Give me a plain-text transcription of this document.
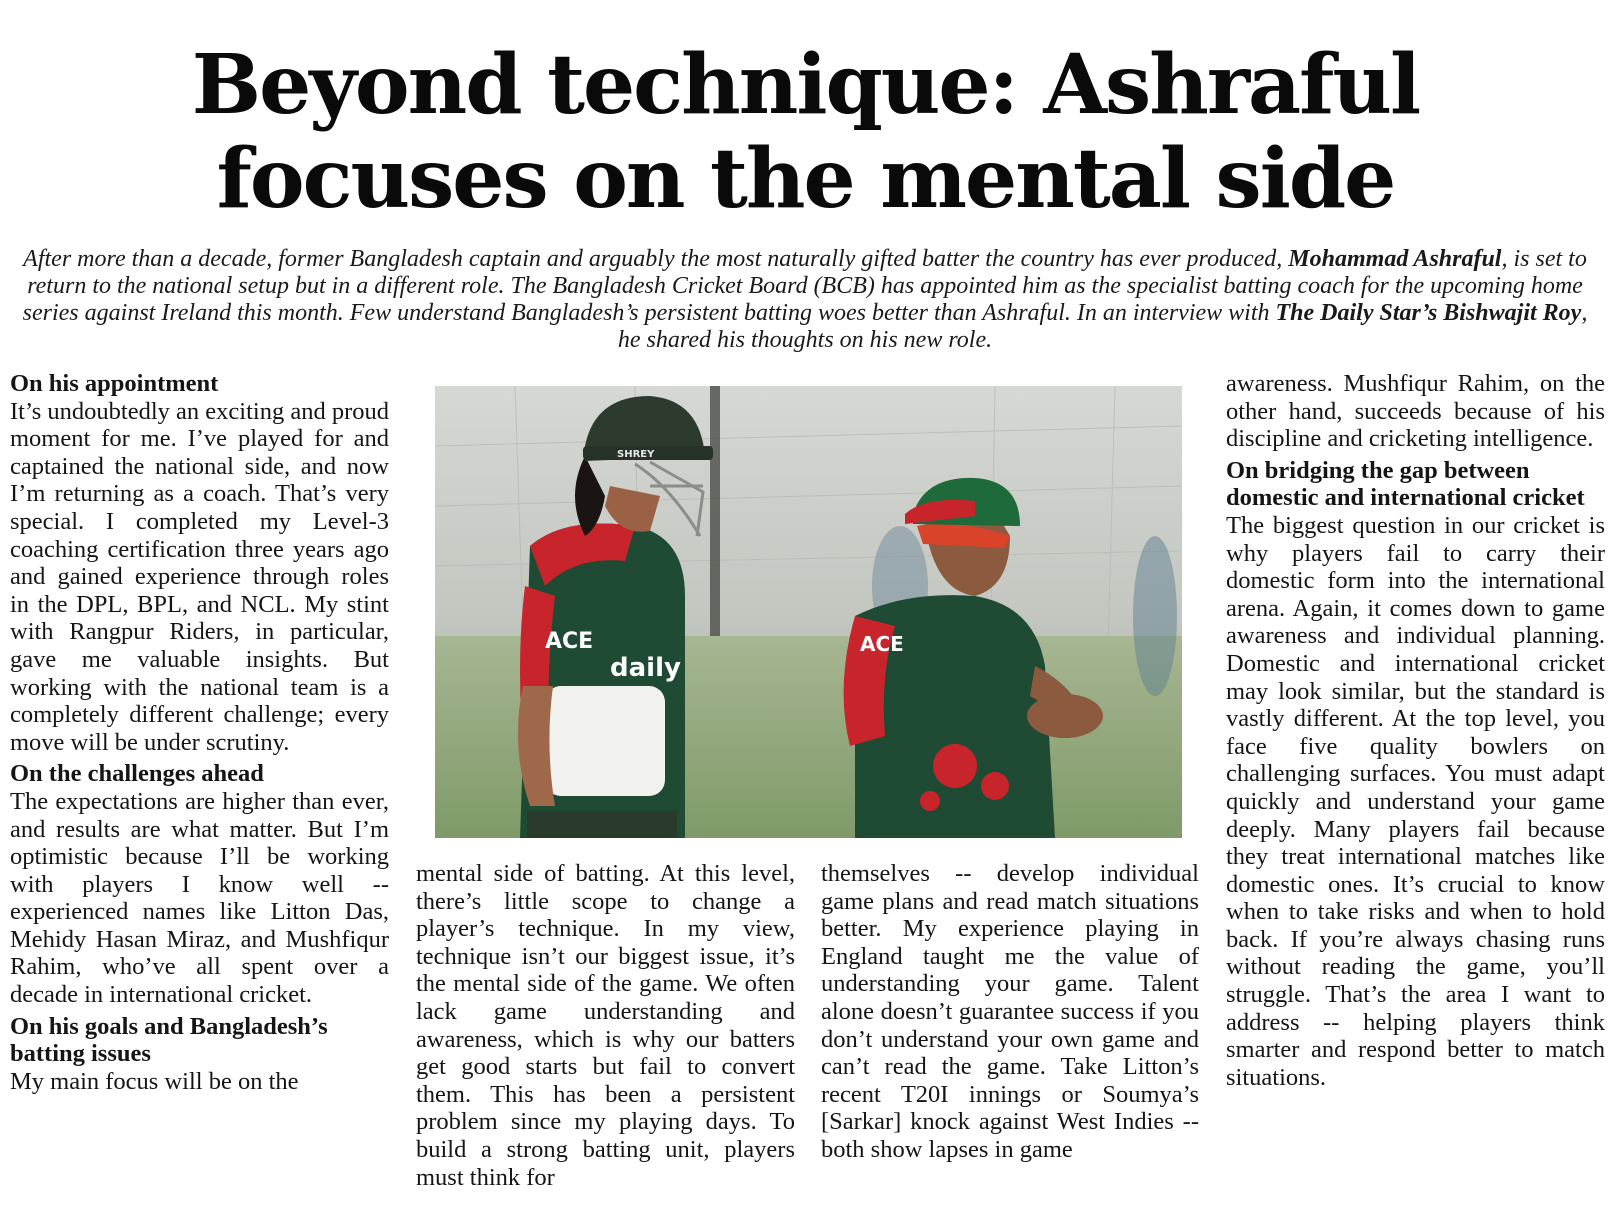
Beyond technique: Ashraful
focuses on the mental side

After more than a decade, former Bangladesh captain and arguably the most naturally gifted batter the country has ever produced, Mohammad Ashraful, is set to return to the national setup but in a different role. The Bangladesh Cricket Board (BCB) has appointed him as the specialist batting coach for the upcoming home series against Ireland this month. Few understand Bangladesh’s persistent batting woes better than Ashraful. In an interview with The Daily Star’s Bishwajit Roy, he shared his thoughts on his new role.

On his appointment

It’s undoubtedly an exciting and proud moment for me. I’ve played for and captained the national side, and now I’m returning as a coach. That’s very special. I completed my Level-3 coaching certification three years ago and gained experience through roles in the DPL, BPL, and NCL. My stint with Rangpur Riders, in particular, gave me valuable insights. But working with the national team is a completely different challenge; every move will be under scrutiny.

On the challenges ahead

The expectations are higher than ever, and results are what matter. But I’m optimistic because I’ll be working with players I know well -- experienced names like Litton Das, Mehidy Hasan Miraz, and Mushfiqur Rahim, who’ve all spent over a decade in international cricket.

On his goals and Bangladesh’s batting issues

My main focus will be on the

daily
ACE
SHREY
ACE

mental side of batting. At this level, there’s little scope to change a player’s technique. In my view, technique isn’t our biggest issue, it’s the mental side of the game. We often lack game understanding and awareness, which is why our batters get good starts but fail to convert them. This has been a persistent problem since my playing days. To build a strong batting unit, players must think for

themselves -- develop individual game plans and read match situations better. My experience playing in England taught me the value of understanding your game. Talent alone doesn’t guarantee success if you don’t understand your own game and can’t read the game. Take Litton’s recent T20I innings or Soumya’s [Sarkar] knock against West Indies -- both show lapses in game

awareness. Mushfiqur Rahim, on the other hand, succeeds because of his discipline and cricketing intelligence.

On bridging the gap between domestic and international cricket

The biggest question in our cricket is why players fail to carry their domestic form into the international arena. Again, it comes down to game awareness and individual planning. Domestic and international cricket may look similar, but the standard is vastly different. At the top level, you face five quality bowlers on challenging surfaces. You must adapt quickly and understand your game deeply. Many players fail because they treat international matches like domestic ones. It’s crucial to know when to take risks and when to hold back. If you’re always chasing runs without reading the game, you’ll struggle. That’s the area I want to address -- helping players think smarter and respond better to match situations.
